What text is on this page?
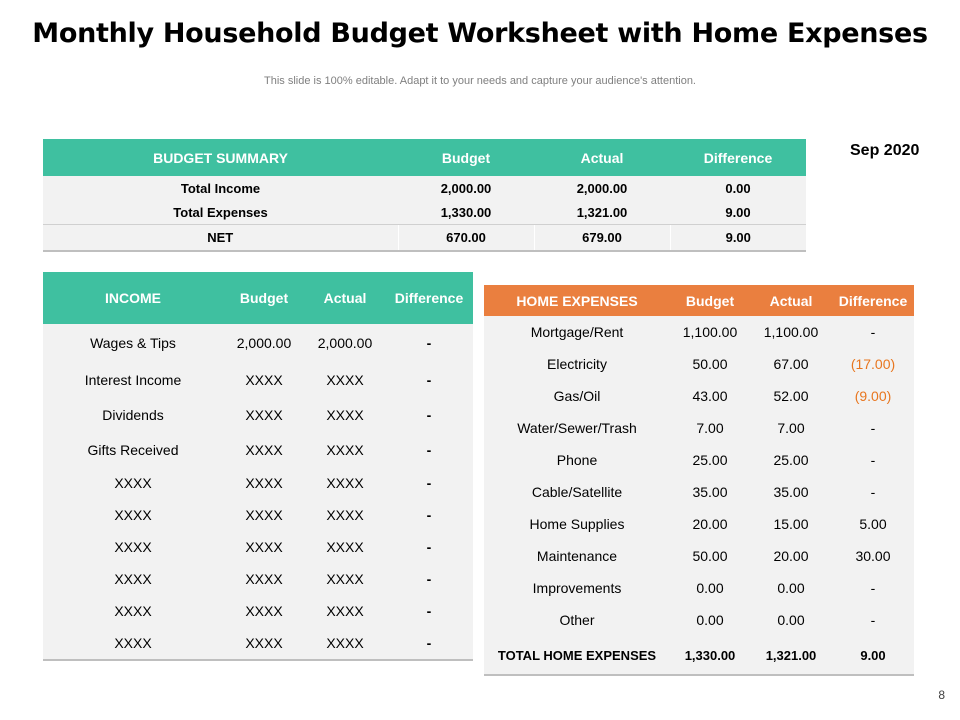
Monthly Household Budget Worksheet with Home Expenses
This slide is 100% editable. Adapt it to your needs and capture your audience's attention.
Sep 2020
BUDGET SUMMARY	Budget	Actual	Difference
Total Income	2,000.00	2,000.00	0.00
Total Expenses	1,330.00	1,321.00	9.00
NET	670.00	679.00	9.00
INCOME	Budget	Actual	Difference
Wages & Tips	2,000.00	2,000.00	-
Interest Income	XXXX	XXXX	-
Dividends	XXXX	XXXX	-
Gifts Received	XXXX	XXXX	-
XXXX	XXXX	XXXX	-
XXXX	XXXX	XXXX	-
XXXX	XXXX	XXXX	-
XXXX	XXXX	XXXX	-
XXXX	XXXX	XXXX	-
XXXX	XXXX	XXXX	-
HOME EXPENSES	Budget	Actual	Difference
Mortgage/Rent	1,100.00	1,100.00	-
Electricity	50.00	67.00	(17.00)
Gas/Oil	43.00	52.00	(9.00)
Water/Sewer/Trash	7.00	7.00	-
Phone	25.00	25.00	-
Cable/Satellite	35.00	35.00	-
Home Supplies	20.00	15.00	5.00
Maintenance	50.00	20.00	30.00
Improvements	0.00	0.00	-
Other	0.00	0.00	-
TOTAL HOME EXPENSES	1,330.00	1,321.00	9.00
8
